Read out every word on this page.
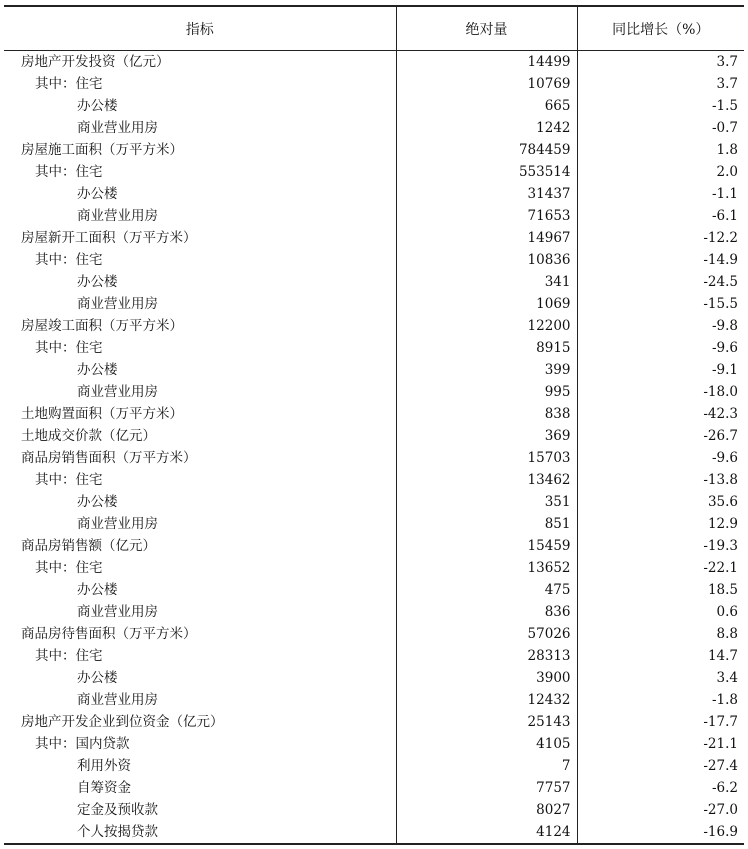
指标	绝对量	同比增长（%）
房地产开发投资（亿元）	14499	3.7
其中：住宅	10769	3.7
办公楼	665	-1.5
商业营业用房	1242	-0.7
房屋施工面积（万平方米）	784459	1.8
其中：住宅	553514	2.0
办公楼	31437	-1.1
商业营业用房	71653	-6.1
房屋新开工面积（万平方米）	14967	-12.2
其中：住宅	10836	-14.9
办公楼	341	-24.5
商业营业用房	1069	-15.5
房屋竣工面积（万平方米）	12200	-9.8
其中：住宅	8915	-9.6
办公楼	399	-9.1
商业营业用房	995	-18.0
土地购置面积（万平方米）	838	-42.3
土地成交价款（亿元）	369	-26.7
商品房销售面积（万平方米）	15703	-9.6
其中：住宅	13462	-13.8
办公楼	351	35.6
商业营业用房	851	12.9
商品房销售额（亿元）	15459	-19.3
其中：住宅	13652	-22.1
办公楼	475	18.5
商业营业用房	836	0.6
商品房待售面积（万平方米）	57026	8.8
其中：住宅	28313	14.7
办公楼	3900	3.4
商业营业用房	12432	-1.8
房地产开发企业到位资金（亿元）	25143	-17.7
其中：国内贷款	4105	-21.1
利用外资	7	-27.4
自筹资金	7757	-6.2
定金及预收款	8027	-27.0
个人按揭贷款	4124	-16.9
